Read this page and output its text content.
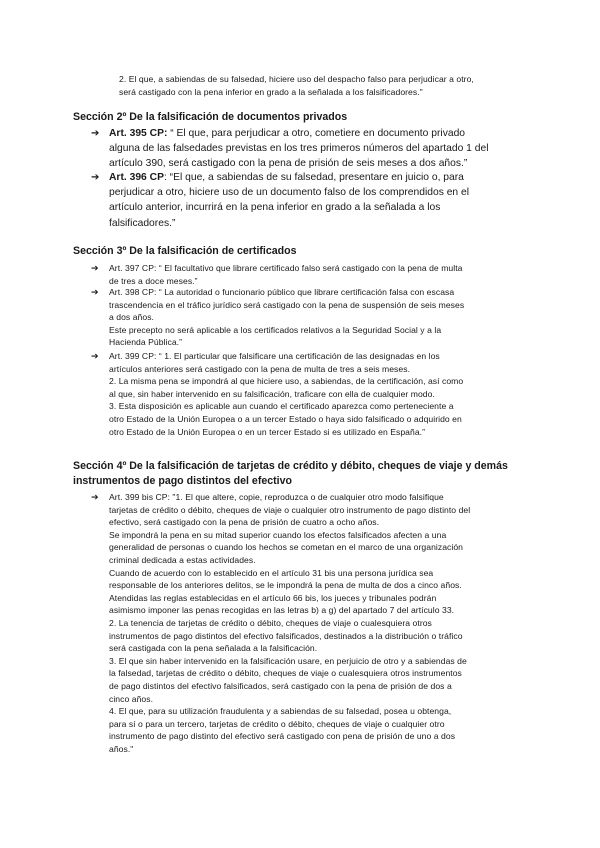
2. El que, a sabiendas de su falsedad, hiciere uso del despacho falso para perjudicar a otro,
será castigado con la pena inferior en grado a la señalada a los falsificadores."
Sección 2º De la falsificación de documentos privados
➔ Art. 395 CP: “ El que, para perjudicar a otro, cometiere en documento privado
alguna de las falsedades previstas en los tres primeros números del apartado 1 del
artículo 390, será castigado con la pena de prisión de seis meses a dos años.”
➔ Art. 396 CP: “El que, a sabiendas de su falsedad, presentare en juicio o, para
perjudicar a otro, hiciere uso de un documento falso de los comprendidos en el
artículo anterior, incurrirá en la pena inferior en grado a la señalada a los
falsificadores.”
Sección 3º De la falsificación de certificados
➔ Art. 397 CP: “ El facultativo que librare certificado falso será castigado con la pena de multa
de tres a doce meses.”
➔ Art. 398 CP: “ La autoridad o funcionario público que librare certificación falsa con escasa
trascendencia en el tráfico jurídico será castigado con la pena de suspensión de seis meses
a dos años.
Este precepto no será aplicable a los certificados relativos a la Seguridad Social y a la
Hacienda Pública.”
➔ Art. 399 CP: “ 1. El particular que falsificare una certificación de las designadas en los
artículos anteriores será castigado con la pena de multa de tres a seis meses.
2. La misma pena se impondrá al que hiciere uso, a sabiendas, de la certificación, así como
al que, sin haber intervenido en su falsificación, traficare con ella de cualquier modo.
3. Esta disposición es aplicable aun cuando el certificado aparezca como perteneciente a
otro Estado de la Unión Europea o a un tercer Estado o haya sido falsificado o adquirido en
otro Estado de la Unión Europea o en un tercer Estado si es utilizado en España.”
Sección 4º De la falsificación de tarjetas de crédito y débito, cheques de viaje y demás
instrumentos de pago distintos del efectivo
➔ Art. 399 bis CP: "1. El que altere, copie, reproduzca o de cualquier otro modo falsifique
tarjetas de crédito o débito, cheques de viaje o cualquier otro instrumento de pago distinto del
efectivo, será castigado con la pena de prisión de cuatro a ocho años.
Se impondrá la pena en su mitad superior cuando los efectos falsificados afecten a una
generalidad de personas o cuando los hechos se cometan en el marco de una organización
criminal dedicada a estas actividades.
Cuando de acuerdo con lo establecido en el artículo 31 bis una persona jurídica sea
responsable de los anteriores delitos, se le impondrá la pena de multa de dos a cinco años.
Atendidas las reglas establecidas en el artículo 66 bis, los jueces y tribunales podrán
asimismo imponer las penas recogidas en las letras b) a g) del apartado 7 del artículo 33.
2. La tenencia de tarjetas de crédito o débito, cheques de viaje o cualesquiera otros
instrumentos de pago distintos del efectivo falsificados, destinados a la distribución o tráfico
será castigada con la pena señalada a la falsificación.
3. El que sin haber intervenido en la falsificación usare, en perjuicio de otro y a sabiendas de
la falsedad, tarjetas de crédito o débito, cheques de viaje o cualesquiera otros instrumentos
de pago distintos del efectivo falsificados, será castigado con la pena de prisión de dos a
cinco años.
4. El que, para su utilización fraudulenta y a sabiendas de su falsedad, posea u obtenga,
para sí o para un tercero, tarjetas de crédito o débito, cheques de viaje o cualquier otro
instrumento de pago distinto del efectivo será castigado con pena de prisión de uno a dos
años."
